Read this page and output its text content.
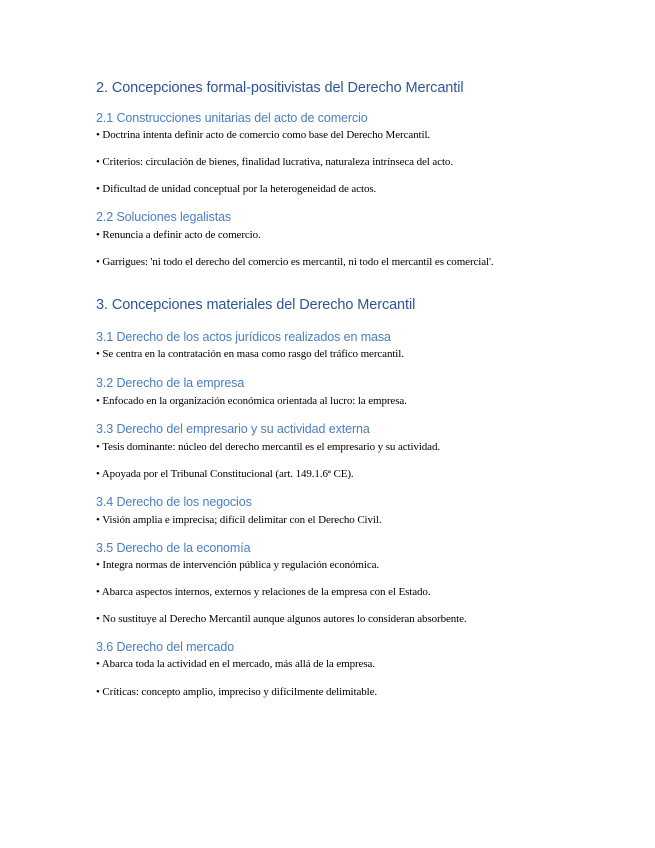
2. Concepciones formal-positivistas del Derecho Mercantil
2.1 Construcciones unitarias del acto de comercio
• Doctrina intenta definir acto de comercio como base del Derecho Mercantil.
• Criterios: circulación de bienes, finalidad lucrativa, naturaleza intrínseca del acto.
• Dificultad de unidad conceptual por la heterogeneidad de actos.
2.2 Soluciones legalistas
• Renuncia a definir acto de comercio.
• Garrigues: 'ni todo el derecho del comercio es mercantil, ni todo el mercantil es comercial'.
3. Concepciones materiales del Derecho Mercantil
3.1 Derecho de los actos jurídicos realizados en masa
• Se centra en la contratación en masa como rasgo del tráfico mercantil.
3.2 Derecho de la empresa
• Enfocado en la organización económica orientada al lucro: la empresa.
3.3 Derecho del empresario y su actividad externa
• Tesis dominante: núcleo del derecho mercantil es el empresario y su actividad.
• Apoyada por el Tribunal Constitucional (art. 149.1.6ª CE).
3.4 Derecho de los negocios
• Visión amplia e imprecisa; difícil delimitar con el Derecho Civil.
3.5 Derecho de la economía
• Integra normas de intervención pública y regulación económica.
• Abarca aspectos internos, externos y relaciones de la empresa con el Estado.
• No sustituye al Derecho Mercantil aunque algunos autores lo consideran absorbente.
3.6 Derecho del mercado
• Abarca toda la actividad en el mercado, más allá de la empresa.
• Críticas: concepto amplio, impreciso y difícilmente delimitable.
